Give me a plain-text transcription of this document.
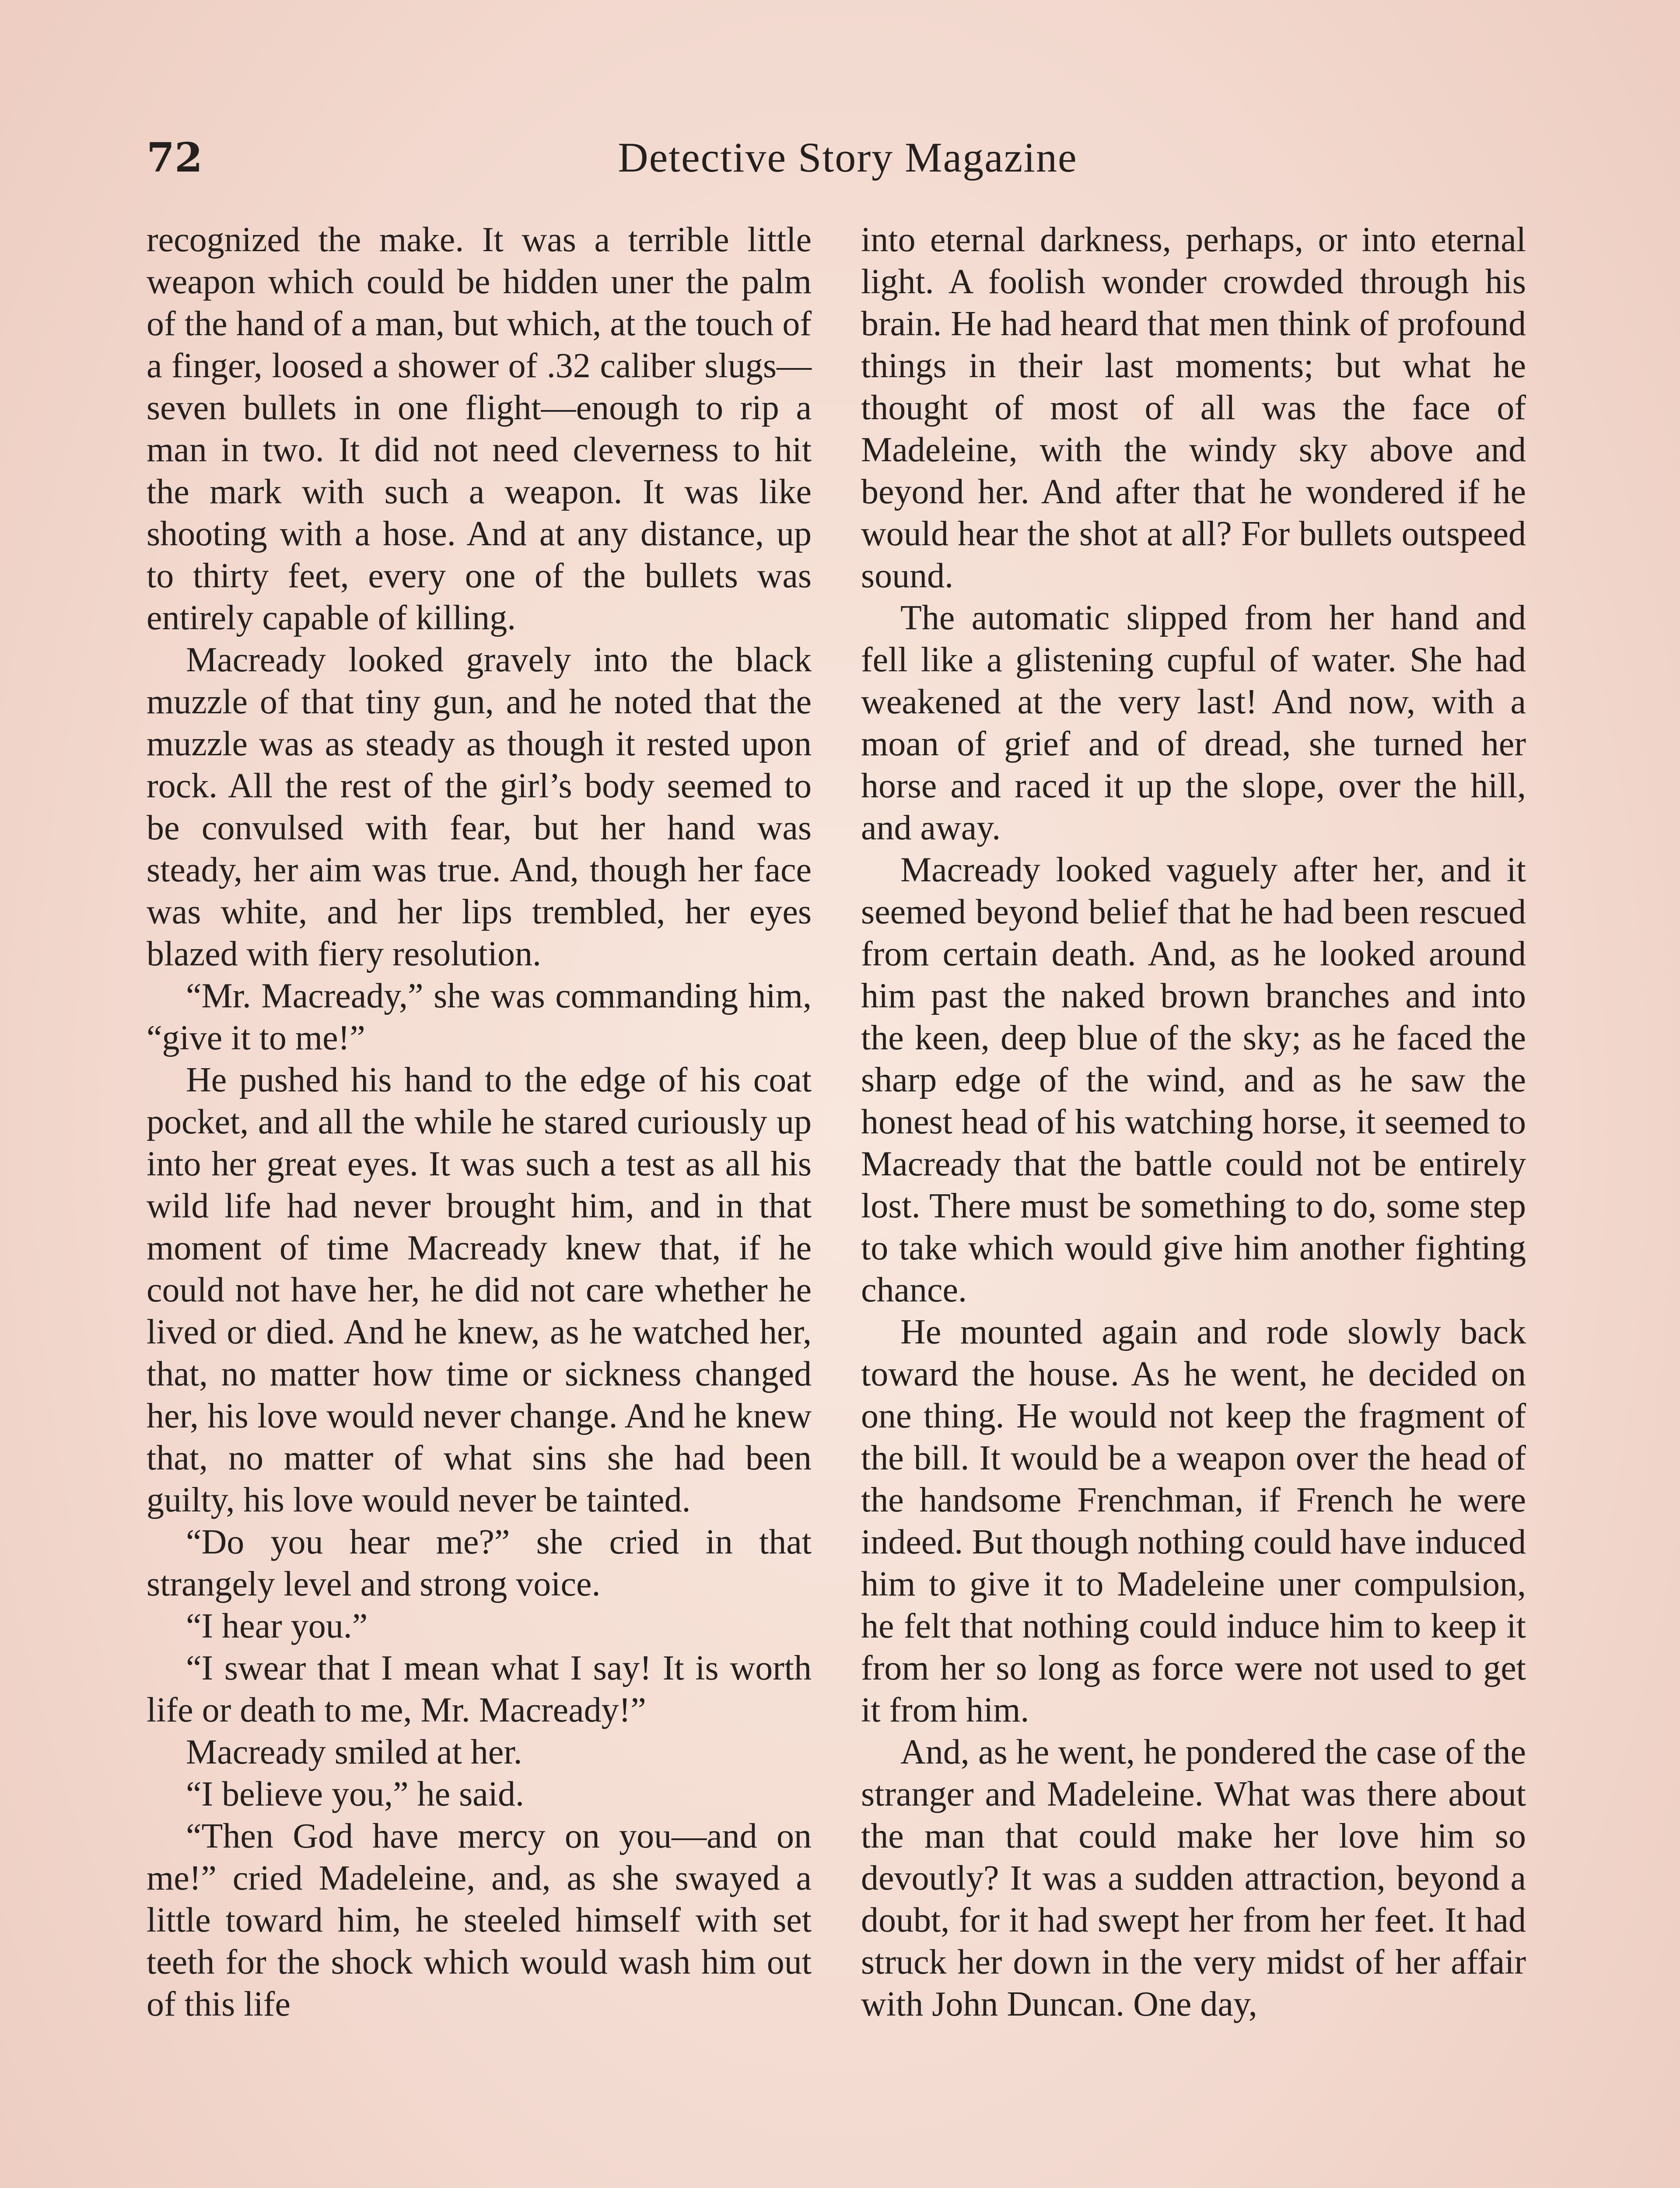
72	Detective Story Magazine

recognized the make. It was a terrible little weapon which could be hidden uner the palm of the hand of a man, but which, at the touch of a finger, loosed a shower of .32 caliber slugs—seven bullets in one flight—enough to rip a man in two. It did not need cleverness to hit the mark with such a weapon. It was like shooting with a hose. And at any distance, up to thirty feet, every one of the bullets was entirely capable of killing.

Macready looked gravely into the black muzzle of that tiny gun, and he noted that the muzzle was as steady as though it rested upon rock. All the rest of the girl’s body seemed to be convulsed with fear, but her hand was steady, her aim was true. And, though her face was white, and her lips trembled, her eyes blazed with fiery resolution.

“Mr. Macready,” she was commanding him, “give it to me!”

He pushed his hand to the edge of his coat pocket, and all the while he stared curiously up into her great eyes. It was such a test as all his wild life had never brought him, and in that moment of time Macready knew that, if he could not have her, he did not care whether he lived or died. And he knew, as he watched her, that, no matter how time or sickness changed her, his love would never change. And he knew that, no matter of what sins she had been guilty, his love would never be tainted.

“Do you hear me?” she cried in that strangely level and strong voice.

“I hear you.”

“I swear that I mean what I say! It is worth life or death to me, Mr. Macready!”

Macready smiled at her.

“I believe you,” he said.

“Then God have mercy on you—and on me!” cried Madeleine, and, as she swayed a little toward him, he steeled himself with set teeth for the shock which would wash him out of this life

into eternal darkness, perhaps, or into eternal light. A foolish wonder crowded through his brain. He had heard that men think of profound things in their last moments; but what he thought of most of all was the face of Madeleine, with the windy sky above and beyond her. And after that he wondered if he would hear the shot at all? For bullets outspeed sound.

The automatic slipped from her hand and fell like a glistening cupful of water. She had weakened at the very last! And now, with a moan of grief and of dread, she turned her horse and raced it up the slope, over the hill, and away.

Macready looked vaguely after her, and it seemed beyond belief that he had been rescued from certain death. And, as he looked around him past the naked brown branches and into the keen, deep blue of the sky; as he faced the sharp edge of the wind, and as he saw the honest head of his watching horse, it seemed to Macready that the battle could not be entirely lost. There must be something to do, some step to take which would give him another fighting chance.

He mounted again and rode slowly back toward the house. As he went, he decided on one thing. He would not keep the fragment of the bill. It would be a weapon over the head of the handsome Frenchman, if French he were indeed. But though nothing could have induced him to give it to Madeleine uner compulsion, he felt that nothing could induce him to keep it from her so long as force were not used to get it from him.

And, as he went, he pondered the case of the stranger and Madeleine. What was there about the man that could make her love him so devoutly? It was a sudden attraction, beyond a doubt, for it had swept her from her feet. It had struck her down in the very midst of her affair with John Duncan. One day,
